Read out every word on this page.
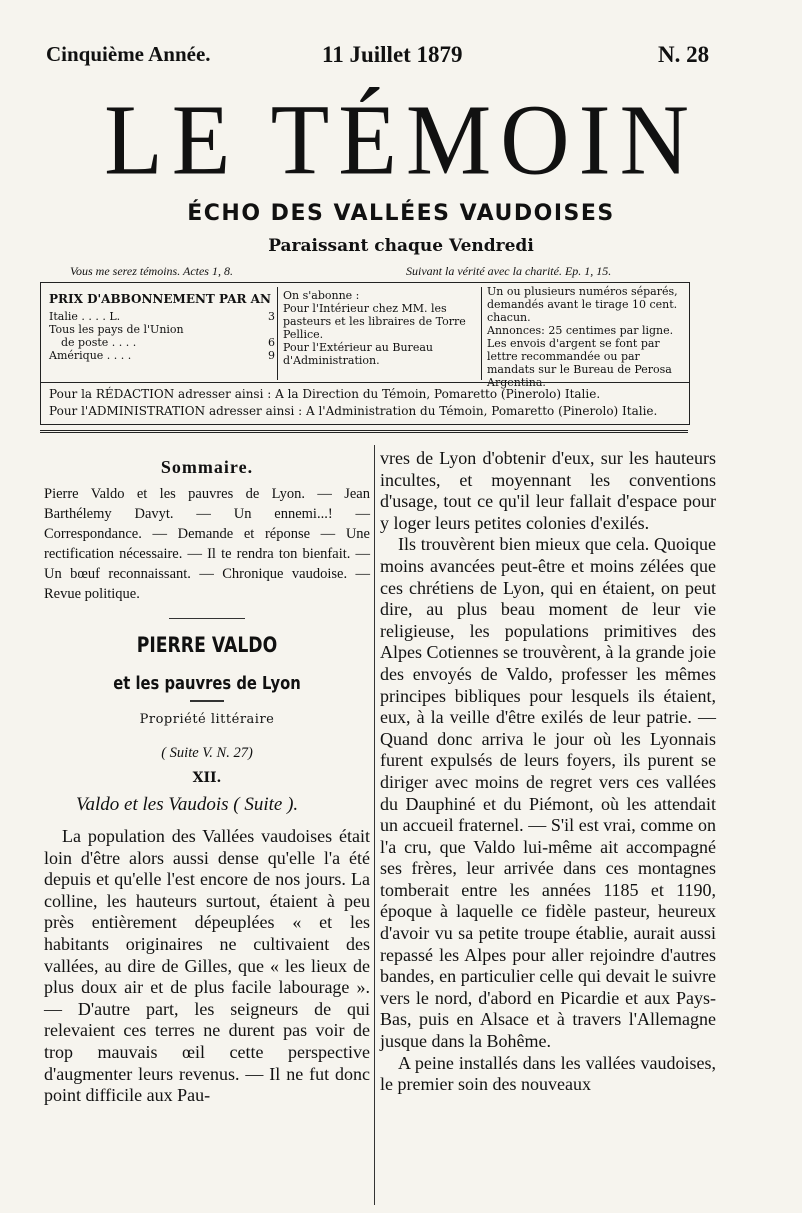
Cinquième Année.	11 Juillet 1879	N. 28
LE TÉMOIN
ÉCHO DES VALLÉES VAUDOISES
Paraissant chaque Vendredi
Vous me serez témoins. Actes 1, 8.	Suivant la vérité avec la charité. Ep. 1, 15.
PRIX D'ABBONNEMENT PAR AN
Italie . . . . L.	3
Tous les pays de l'Union
de poste . . . .	6
Amérique . . . .	9
On s'abonne :
Pour l'Intérieur chez MM. les pasteurs et les libraires de Torre Pellice.
Pour l'Extérieur au Bureau d'Administration.
Un ou plusieurs numéros séparés, demandés avant le tirage 10 cent. chacun.
Annonces: 25 centimes par ligne.
Les envois d'argent se font par lettre recommandée ou par mandats sur le Bureau de Perosa Argentina.
Pour la RÉDACTION adresser ainsi : A la Direction du Témoin, Pomaretto (Pinerolo) Italie.
Pour l'ADMINISTRATION adresser ainsi : A l'Administration du Témoin, Pomaretto (Pinerolo) Italie.
Sommaire.

Pierre Valdo et les pauvres de Lyon. — Jean Barthélemy Davyt. — Un ennemi...! — Correspondance. — Demande et réponse — Une rectification nécessaire. — Il te rendra ton bienfait. — Un bœuf reconnaissant. — Chronique vaudoise. — Revue politique.

PIERRE VALDO
et les pauvres de Lyon
Propriété littéraire
( Suite V. N. 27)
XII.
Valdo et les Vaudois ( Suite ).

La population des Vallées vaudoises était loin d'être alors aussi dense qu'elle l'a été depuis et qu'elle l'est encore de nos jours. La colline, les hauteurs surtout, étaient à peu près entièrement dépeuplées « et les habitants originaires ne cultivaient des vallées, au dire de Gilles, que « les lieux de plus doux air et de plus facile labourage ». — D'autre part, les seigneurs de qui relevaient ces terres ne durent pas voir de trop mauvais œil cette perspective d'augmenter leurs revenus. — Il ne fut donc point difficile aux Pau-

vres de Lyon d'obtenir d'eux, sur les hauteurs incultes, et moyennant les conventions d'usage, tout ce qu'il leur fallait d'espace pour y loger leurs petites colonies d'exilés.

Ils trouvèrent bien mieux que cela. Quoique moins avancées peut-être et moins zélées que ces chrétiens de Lyon, qui en étaient, on peut dire, au plus beau moment de leur vie religieuse, les populations primitives des Alpes Cotiennes se trouvèrent, à la grande joie des envoyés de Valdo, professer les mêmes principes bibliques pour lesquels ils étaient, eux, à la veille d'être exilés de leur patrie. — Quand donc arriva le jour où les Lyonnais furent expulsés de leurs foyers, ils purent se diriger avec moins de regret vers ces vallées du Dauphiné et du Piémont, où les attendait un accueil fraternel. — S'il est vrai, comme on l'a cru, que Valdo lui-même ait accompagné ses frères, leur arrivée dans ces montagnes tomberait entre les années 1185 et 1190, époque à laquelle ce fidèle pasteur, heureux d'avoir vu sa petite troupe établie, aurait aussi repassé les Alpes pour aller rejoindre d'autres bandes, en particulier celle qui devait le suivre vers le nord, d'abord en Picardie et aux Pays-Bas, puis en Alsace et à travers l'Allemagne jusque dans la Bohême.

A peine installés dans les vallées vaudoises, le premier soin des nouveaux
